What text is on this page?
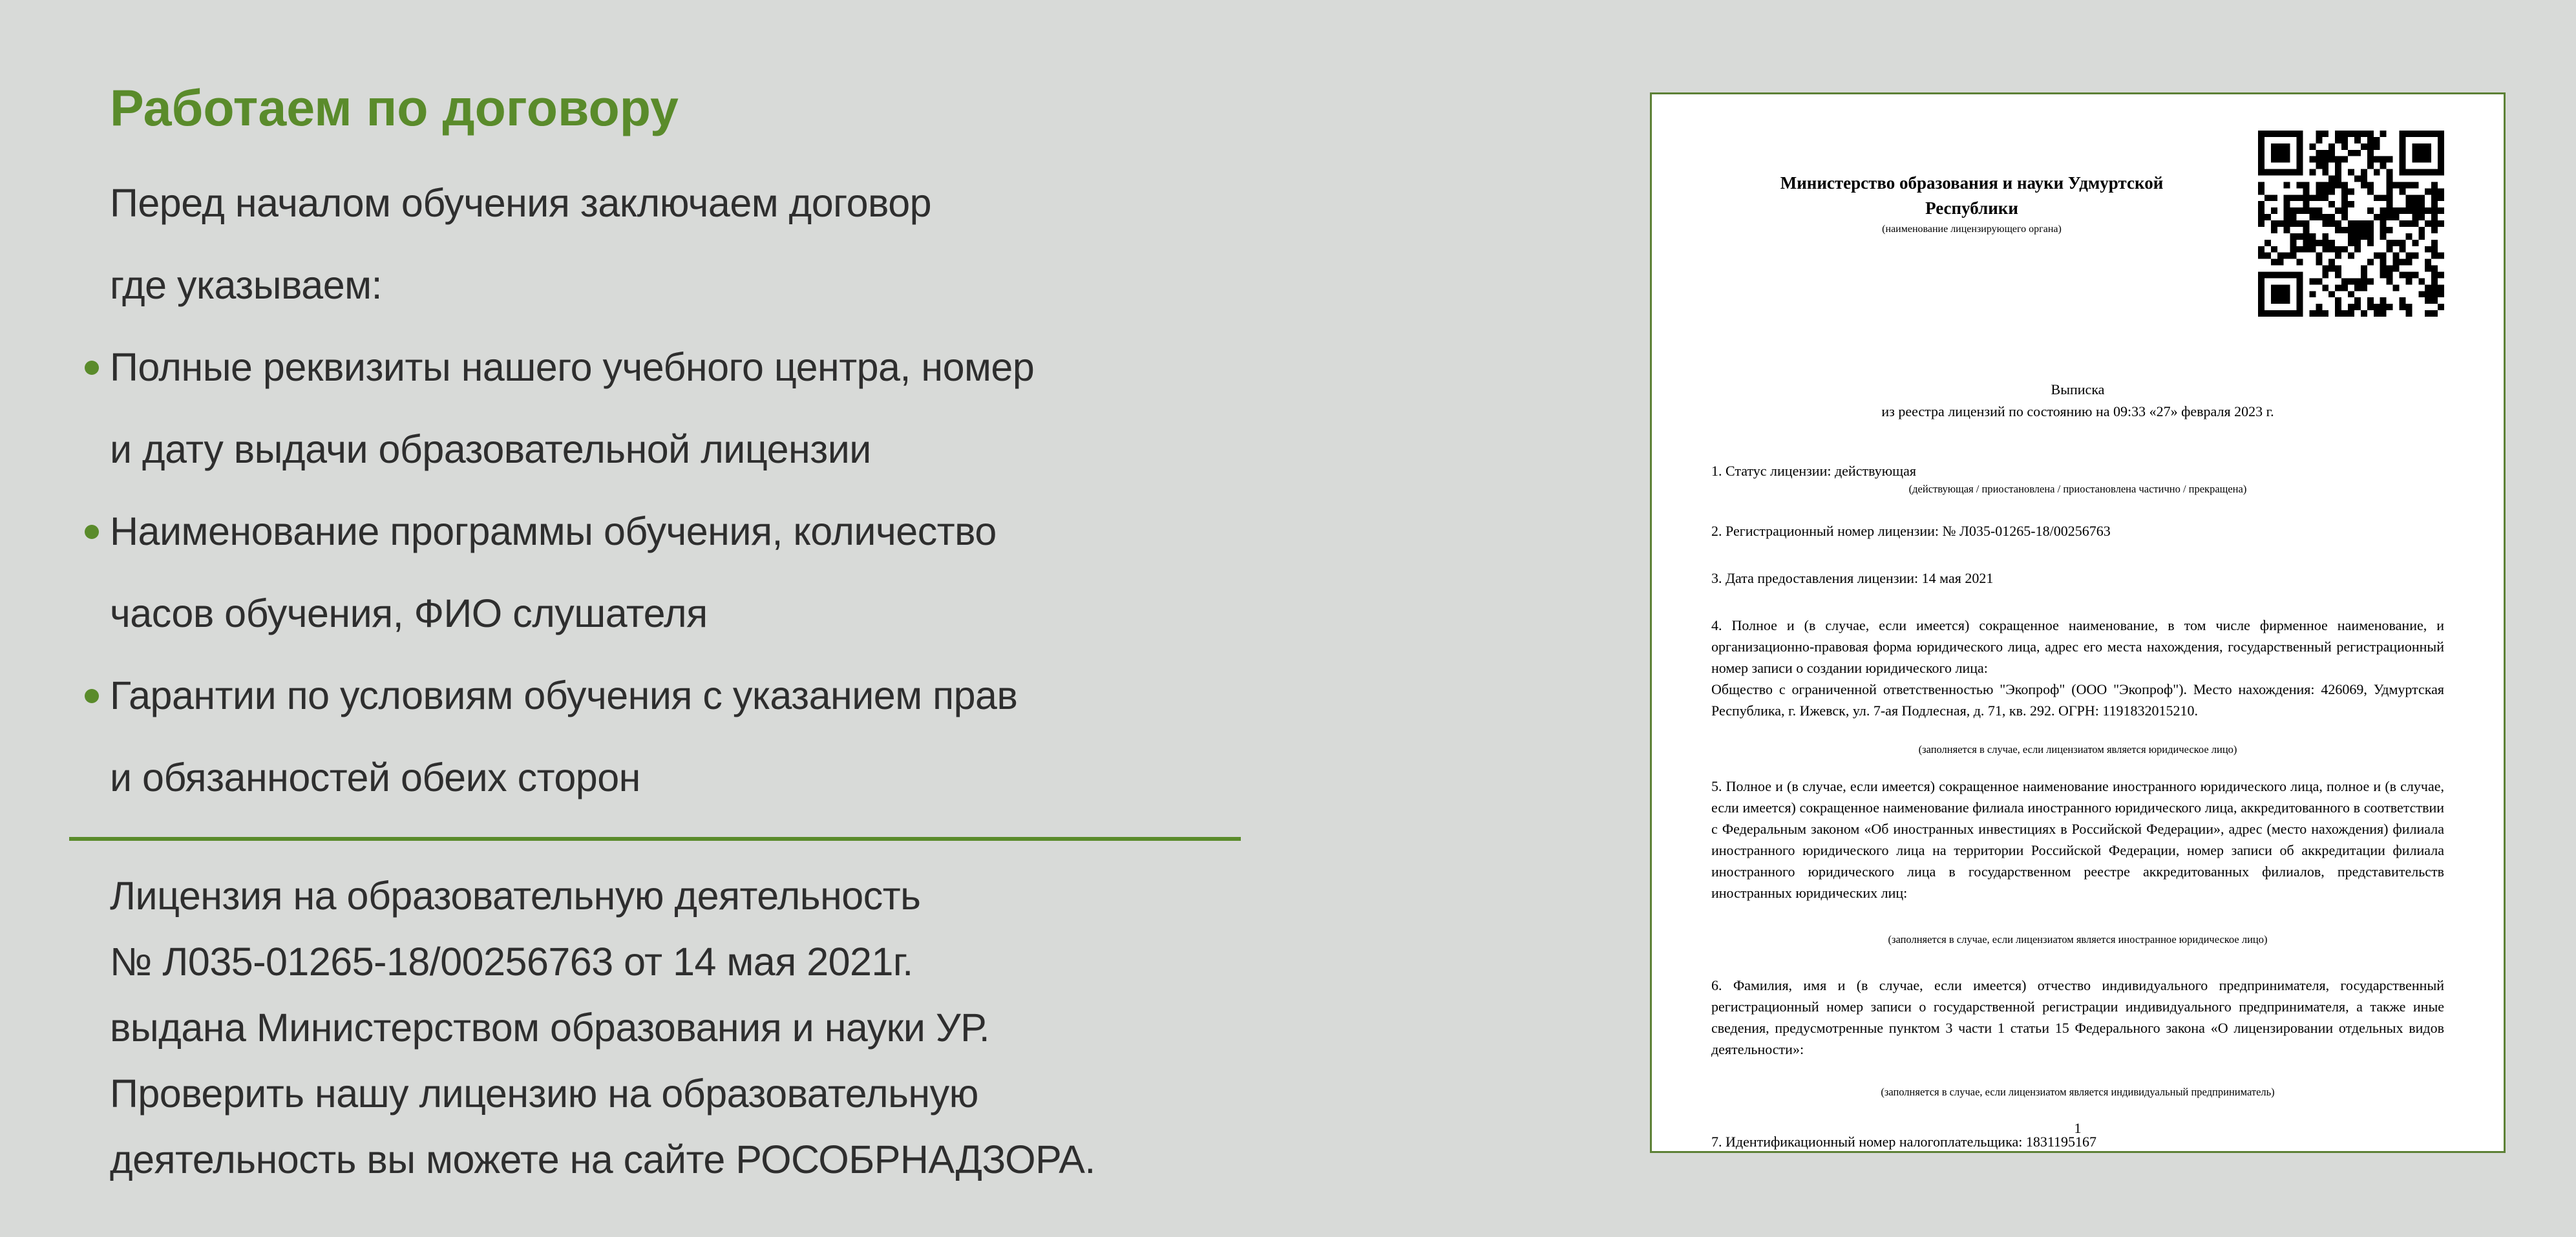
Работаем по договору
Перед началом обучения заключаем договор
где указываем:
Полные реквизиты нашего учебного центра, номер
и дату выдачи образовательной лицензии
Наименование программы обучения, количество
часов обучения, ФИО слушателя
Гарантии по условиям обучения с указанием прав
и обязанностей обеих сторон
Лицензия на образовательную деятельность
№ Л035-01265-18/00256763 от 14 мая 2021г.
выдана Министерством образования и науки УР.
Проверить нашу лицензию на образовательную
деятельность вы можете на сайте РОСОБРНАДЗОРА.
Министерство образования и науки Удмуртской
Республики
(наименование лицензирующего органа)
Выписка
из реестра лицензий по состоянию на 09:33 «27» февраля 2023 г.
1. Статус лицензии: действующая
(действующая / приостановлена / приостановлена частично / прекращена)
2. Регистрационный номер лицензии: № Л035-01265-18/00256763
3. Дата предоставления лицензии: 14 мая 2021
4. Полное и (в случае, если имеется) сокращенное наименование, в том числе фирменное наименование, и организационно-правовая форма юридического лица, адрес его места нахождения, государственный регистрационный номер записи о создании юридического лица:
Общество с ограниченной ответственностью "Экопроф" (ООО "Экопроф"). Место нахождения: 426069, Удмуртская Республика, г. Ижевск, ул. 7-ая Подлесная, д. 71, кв. 292. ОГРН: 1191832015210.
(заполняется в случае, если лицензиатом является юридическое лицо)
5. Полное и (в случае, если имеется) сокращенное наименование иностранного юридического лица, полное и (в случае, если имеется) сокращенное наименование филиала иностранного юридического лица, аккредитованного в соответствии с Федеральным законом «Об иностранных инвестициях в Российской Федерации», адрес (место нахождения) филиала иностранного юридического лица на территории Российской Федерации, номер записи об аккредитации филиала иностранного юридического лица в государственном реестре аккредитованных филиалов, представительств иностранных юридических лиц:
(заполняется в случае, если лицензиатом является иностранное юридическое лицо)
6. Фамилия, имя и (в случае, если имеется) отчество индивидуального предпринимателя, государственный регистрационный номер записи о государственной регистрации индивидуального предпринимателя, а также иные сведения, предусмотренные пунктом 3 части 1 статьи 15 Федерального закона «О лицензировании отдельных видов деятельности»:
(заполняется в случае, если лицензиатом является индивидуальный предприниматель)
7. Идентификационный номер налогоплательщика: 1831195167
1
